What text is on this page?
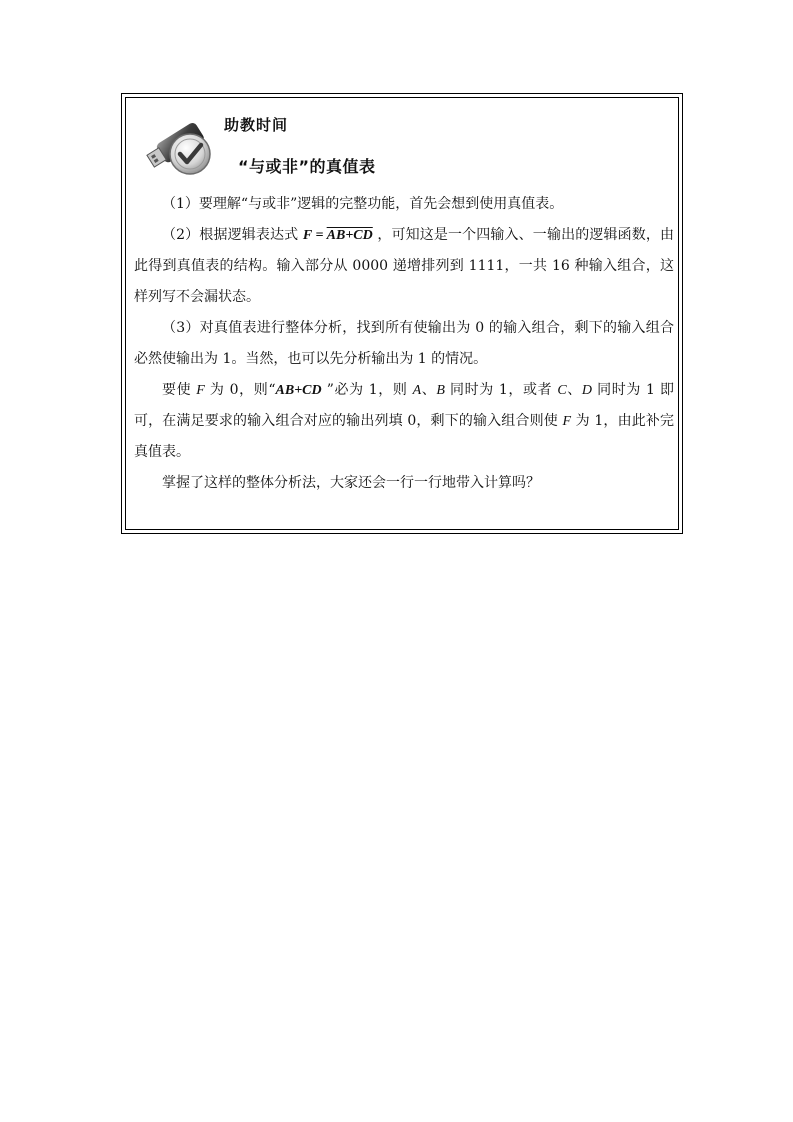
助教时间
“与或非”的真值表

（1）要理解“与或非”逻辑的完整功能，首先会想到使用真值表。

（2）根据逻辑表达式 F = AB+CD ，可知这是一个四输入、一输出的逻辑函数，由此得到真值表的结构。输入部分从 0000 递增排列到 1111，一共 16 种输入组合，这样列写不会漏状态。

（3）对真值表进行整体分析，找到所有使输出为 0 的输入组合，剩下的输入组合必然使输出为 1。当然，也可以先分析输出为 1 的情况。

要使 F 为 0，则“AB+CD ”必为 1，则 A、B 同时为 1，或者 C、D 同时为 1 即可，在满足要求的输入组合对应的输出列填 0，剩下的输入组合则使 F 为 1，由此补完真值表。

掌握了这样的整体分析法，大家还会一行一行地带入计算吗？
